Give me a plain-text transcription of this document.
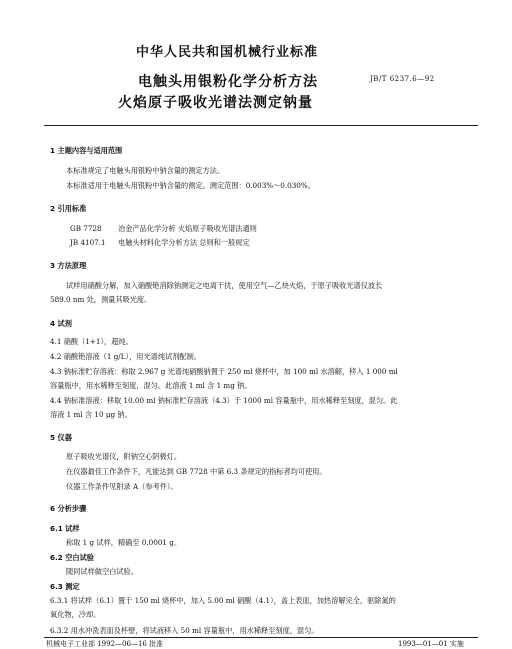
中华人民共和国机械行业标准
电触头用银粉化学分析方法
火焰原子吸收光谱法测定钠量
JB/T 6237.6—92
1 主题内容与适用范围
本标准规定了电触头用银粉中钠含量的测定方法。
本标准适用于电触头用银粉中钠含量的测定。测定范围：0.003%～0.030%。
2 引用标准
GB 7728 冶金产品化学分析 火焰原子吸收光谱法通则
JB 4107.1 电触头材料化学分析方法 总则和一般规定
3 方法原理
试样用硝酸分解，加入硝酸铯消除钠测定之电离干扰，使用空气—乙炔火焰，于原子吸收光谱仪波长
589.0 nm 处，测量其吸光度。
4 试剂
4.1 硝酸（1+1），超纯。
4.2 硝酸铯溶液（1 g/L），用光谱纯试剂配制。
4.3 钠标准贮存溶液：称取 2.967 g 光谱纯硝酸钠置于 250 ml 烧杯中，加 100 ml 水溶解，移入 1 000 ml
容量瓶中，用水稀释至刻度，混匀。此溶液 1 ml 含 1 mg 钠。
4.4 钠标准溶液：移取 10.00 ml 钠标准贮存溶液（4.3）于 1000 ml 容量瓶中，用水稀释至刻度，混匀。此
溶液 1 ml 含 10 μg 钠。
5 仪器
原子吸收光谱仪，附钠空心阴极灯。
在仪器最佳工作条件下，凡能达到 GB 7728 中第 6.3 条规定的指标者均可使用。
仪器工作条件见附录 A（参考件）。
6 分析步骤
6.1 试样
称取 1 g 试样，精确至 0.0001 g。
6.2 空白试验
随同试样做空白试验。
6.3 测定
6.3.1 将试样（6.1）置于 150 ml 烧杯中，加入 5.00 ml 硝酸（4.1），盖上表皿，加热溶解完全，驱除氮的
氧化物，冷却。
6.3.2 用水冲洗表皿及杯壁，将试液移入 50 ml 容量瓶中，用水稀释至刻度，混匀。
机械电子工业部 1992—06—16 批准	1993—01—01 实施
